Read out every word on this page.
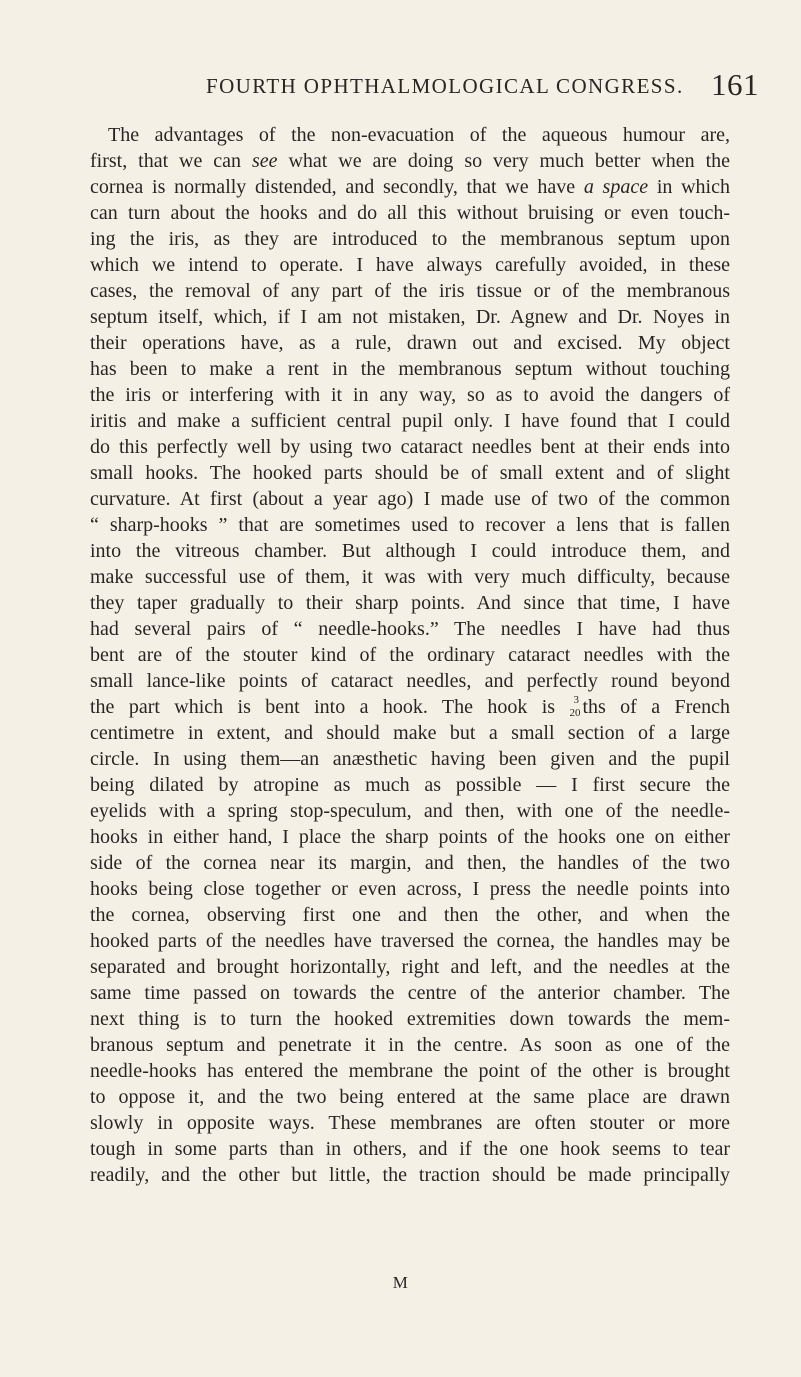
FOURTH OPHTHALMOLOGICAL CONGRESS. 161
The advantages of the non-evacuation of the aqueous humour are,
first, that we can see what we are doing so very much better when the
cornea is normally distended, and secondly, that we have a space in which
can turn about the hooks and do all this without bruising or even touch-
ing the iris, as they are introduced to the membranous septum upon
which we intend to operate. I have always carefully avoided, in these
cases, the removal of any part of the iris tissue or of the membranous
septum itself, which, if I am not mistaken, Dr. Agnew and Dr. Noyes in
their operations have, as a rule, drawn out and excised. My object
has been to make a rent in the membranous septum without touching
the iris or interfering with it in any way, so as to avoid the dangers of
iritis and make a sufficient central pupil only. I have found that I could
do this perfectly well by using two cataract needles bent at their ends into
small hooks. The hooked parts should be of small extent and of slight
curvature. At first (about a year ago) I made use of two of the common
“ sharp-hooks ” that are sometimes used to recover a lens that is fallen
into the vitreous chamber. But although I could introduce them, and
make successful use of them, it was with very much difficulty, because
they taper gradually to their sharp points. And since that time, I have
had several pairs of “ needle-hooks.” The needles I have had thus
bent are of the stouter kind of the ordinary cataract needles with the
small lance-like points of cataract needles, and perfectly round beyond
the part which is bent into a hook. The hook is 3
20 ths of a French
centimetre in extent, and should make but a small section of a large
circle. In using them—an anæsthetic having been given and the pupil
being dilated by atropine as much as possible — I first secure the
eyelids with a spring stop-speculum, and then, with one of the needle-
hooks in either hand, I place the sharp points of the hooks one on either
side of the cornea near its margin, and then, the handles of the two
hooks being close together or even across, I press the needle points into
the cornea, observing first one and then the other, and when the
hooked parts of the needles have traversed the cornea, the handles may be
separated and brought horizontally, right and left, and the needles at the
same time passed on towards the centre of the anterior chamber. The
next thing is to turn the hooked extremities down towards the mem-
branous septum and penetrate it in the centre. As soon as one of the
needle-hooks has entered the membrane the point of the other is brought
to oppose it, and the two being entered at the same place are drawn
slowly in opposite ways. These membranes are often stouter or more
tough in some parts than in others, and if the one hook seems to tear
readily, and the other but little, the traction should be made principally
M
